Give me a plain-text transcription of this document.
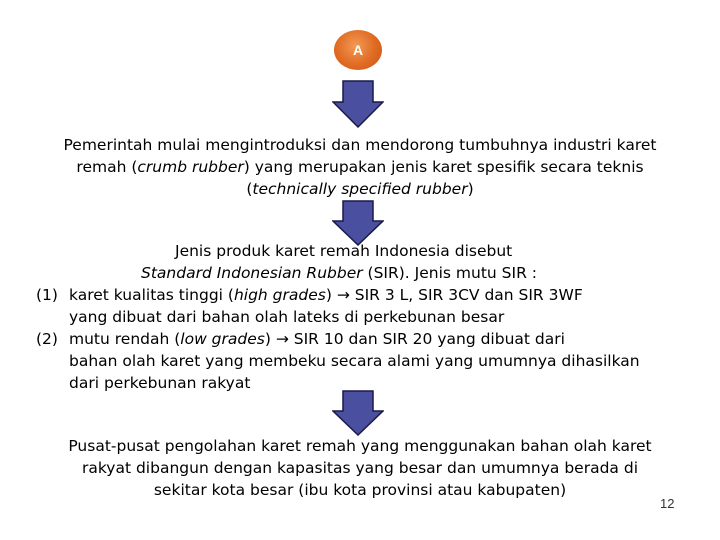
A
Pemerintah mulai mengintroduksi dan mendorong tumbuhnya industri karet
remah (crumb rubber) yang merupakan jenis karet spesifik secara teknis
(technically specified rubber)
Jenis produk karet remah Indonesia disebut
Standard Indonesian Rubber (SIR). Jenis mutu SIR :
(1) karet kualitas tinggi (high grades) → SIR 3 L, SIR 3CV dan SIR 3WF
yang dibuat dari bahan olah lateks di perkebunan besar
(2) mutu rendah (low grades) → SIR 10 dan SIR 20 yang dibuat dari
bahan olah karet yang membeku secara alami yang umumnya dihasilkan
dari perkebunan rakyat
Pusat-pusat pengolahan karet remah yang menggunakan bahan olah karet
rakyat dibangun dengan kapasitas yang besar dan umumnya berada di
sekitar kota besar (ibu kota provinsi atau kabupaten)
12
